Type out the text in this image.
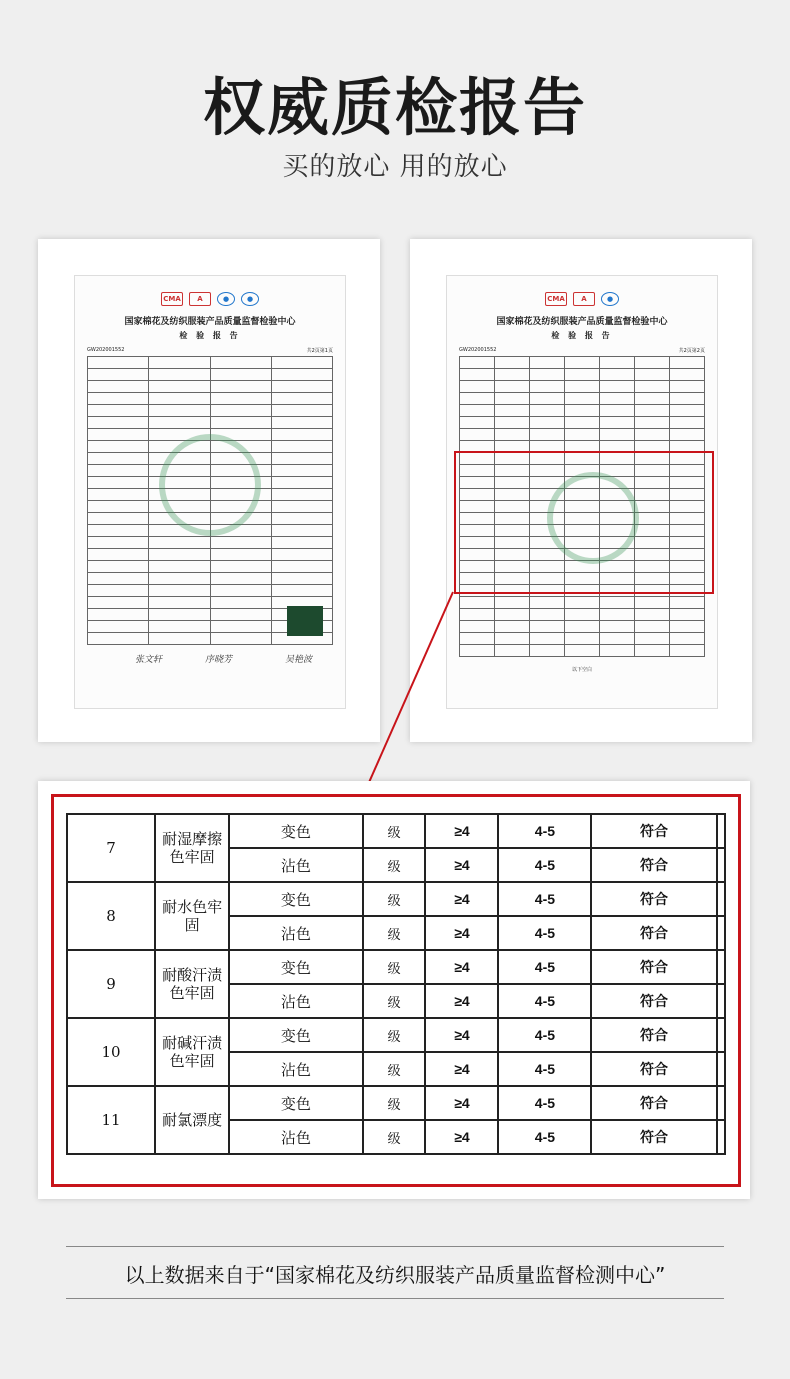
权威质检报告
买的放心 用的放心
CMA	A	●	●
国家棉花及纺织服装产品质量监督检验中心
检 验 报 告
GW202001552	共2页第1页

张文轩	序晓芳	吴艳波
CMA	A	●
国家棉花及纺织服装产品质量监督检验中心
检 验 报 告
GW202001552	共2页第2页

以下空白
7	耐湿摩擦色牢固	变色	级	≥4	4-5	符合	
		沾色	级	≥4	4-5	符合	
8	耐水色牢固	变色	级	≥4	4-5	符合	
		沾色	级	≥4	4-5	符合	
9	耐酸汗渍色牢固	变色	级	≥4	4-5	符合	
		沾色	级	≥4	4-5	符合	
10	耐碱汗渍色牢固	变色	级	≥4	4-5	符合	
		沾色	级	≥4	4-5	符合	
11	耐氯漂度	变色	级	≥4	4-5	符合	
		沾色	级	≥4	4-5	符合	
以上数据来自于“国家棉花及纺织服装产品质量监督检测中心”
